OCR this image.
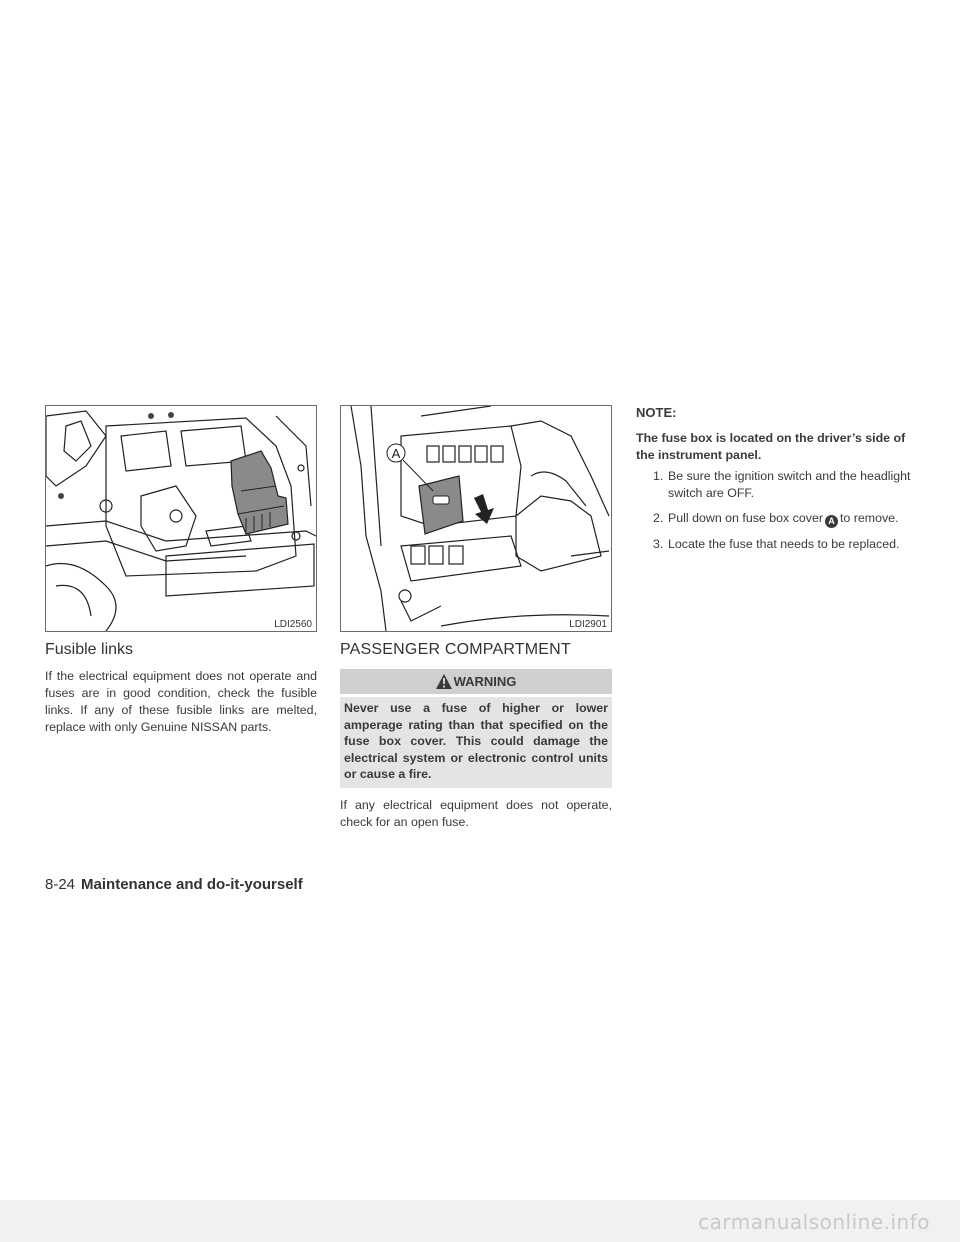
LDI2560
Fusible links

If the electrical equipment does not operate and fuses are in good condition, check the fusible links. If any of these fusible links are melted, replace with only Genuine NISSAN parts.

A
LDI2901
PASSENGER COMPARTMENT
WARNING
Never use a fuse of higher or lower amperage rating than that specified on the fuse box cover. This could damage the electrical system or electronic control units or cause a fire.

If any electrical equipment does not operate, check for an open fuse.

NOTE:

The fuse box is located on the driver’s side of the instrument panel.

1. Be sure the ignition switch and the headlight switch are OFF.
2. Pull down on fuse box cover A to remove.
3. Locate the fuse that needs to be replaced.
8-24 Maintenance and do-it-yourself
carmanualsonline.info
